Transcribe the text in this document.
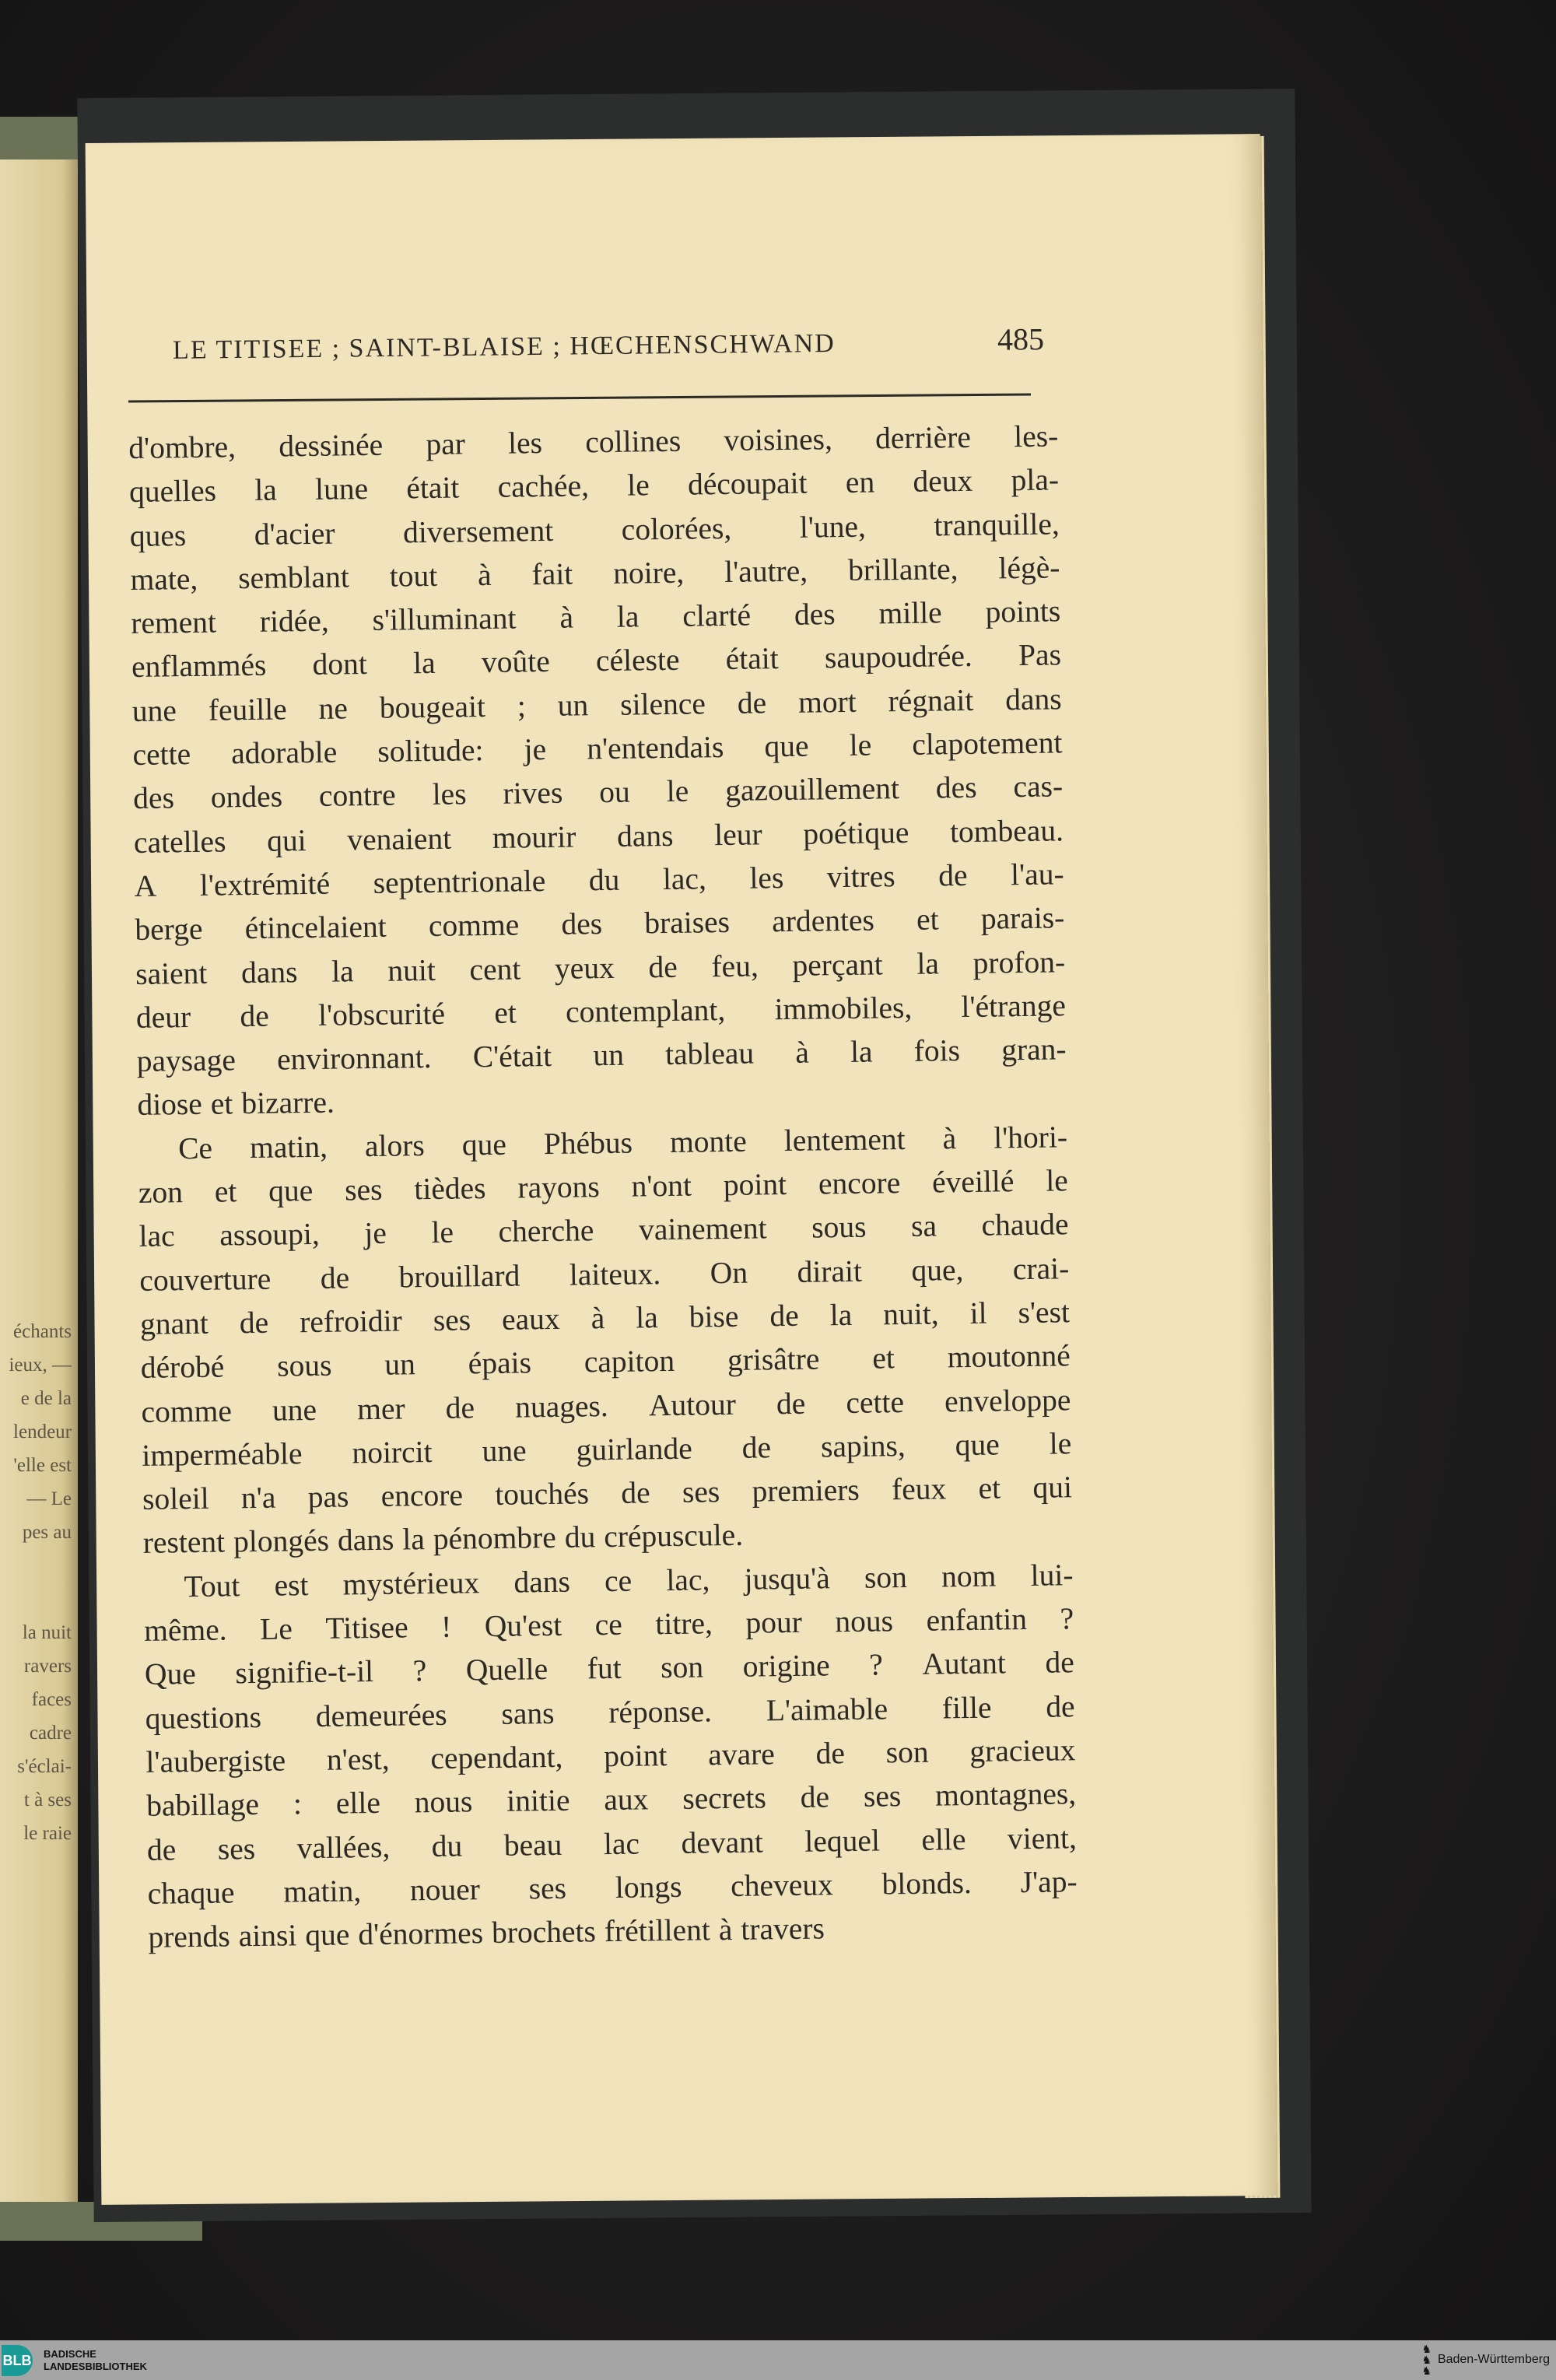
échants
ieux, —
e de la
lendeur
'elle est
— Le
pes au
la nuit
ravers
faces
cadre
s'éclai-
t à ses
le raie
LE TITISEE ; SAINT-BLAISE ; HŒCHENSCHWAND	485
d'ombre, dessinée par les collines voisines, derrière les-
quelles la lune était cachée, le découpait en deux pla-
ques d'acier diversement colorées, l'une, tranquille,
mate, semblant tout à fait noire, l'autre, brillante, légè-
rement ridée, s'illuminant à la clarté des mille points
enflammés dont la voûte céleste était saupoudrée. Pas
une feuille ne bougeait ; un silence de mort régnait dans
cette adorable solitude: je n'entendais que le clapotement
des ondes contre les rives ou le gazouillement des cas-
catelles qui venaient mourir dans leur poétique tombeau.
A l'extrémité septentrionale du lac, les vitres de l'au-
berge étincelaient comme des braises ardentes et parais-
saient dans la nuit cent yeux de feu, perçant la profon-
deur de l'obscurité et contemplant, immobiles, l'étrange
paysage environnant. C'était un tableau à la fois gran-
diose et bizarre.
Ce matin, alors que Phébus monte lentement à l'hori-
zon et que ses tièdes rayons n'ont point encore éveillé le
lac assoupi, je le cherche vainement sous sa chaude
couverture de brouillard laiteux. On dirait que, crai-
gnant de refroidir ses eaux à la bise de la nuit, il s'est
dérobé sous un épais capiton grisâtre et moutonné
comme une mer de nuages. Autour de cette enveloppe
imperméable noircit une guirlande de sapins, que le
soleil n'a pas encore touchés de ses premiers feux et qui
restent plongés dans la pénombre du crépuscule.
Tout est mystérieux dans ce lac, jusqu'à son nom lui-
même. Le Titisee ! Qu'est ce titre, pour nous enfantin ?
Que signifie-t-il ? Quelle fut son origine ? Autant de
questions demeurées sans réponse. L'aimable fille de
l'aubergiste n'est, cependant, point avare de son gracieux
babillage : elle nous initie aux secrets de ses montagnes,
de ses vallées, du beau lac devant lequel elle vient,
chaque matin, nouer ses longs cheveux blonds. J'ap-
prends ainsi que d'énormes brochets frétillent à travers
BLB BADISCHE
LANDESBIBLIOTHEK
♞
♞
♞
Baden-Württemberg
